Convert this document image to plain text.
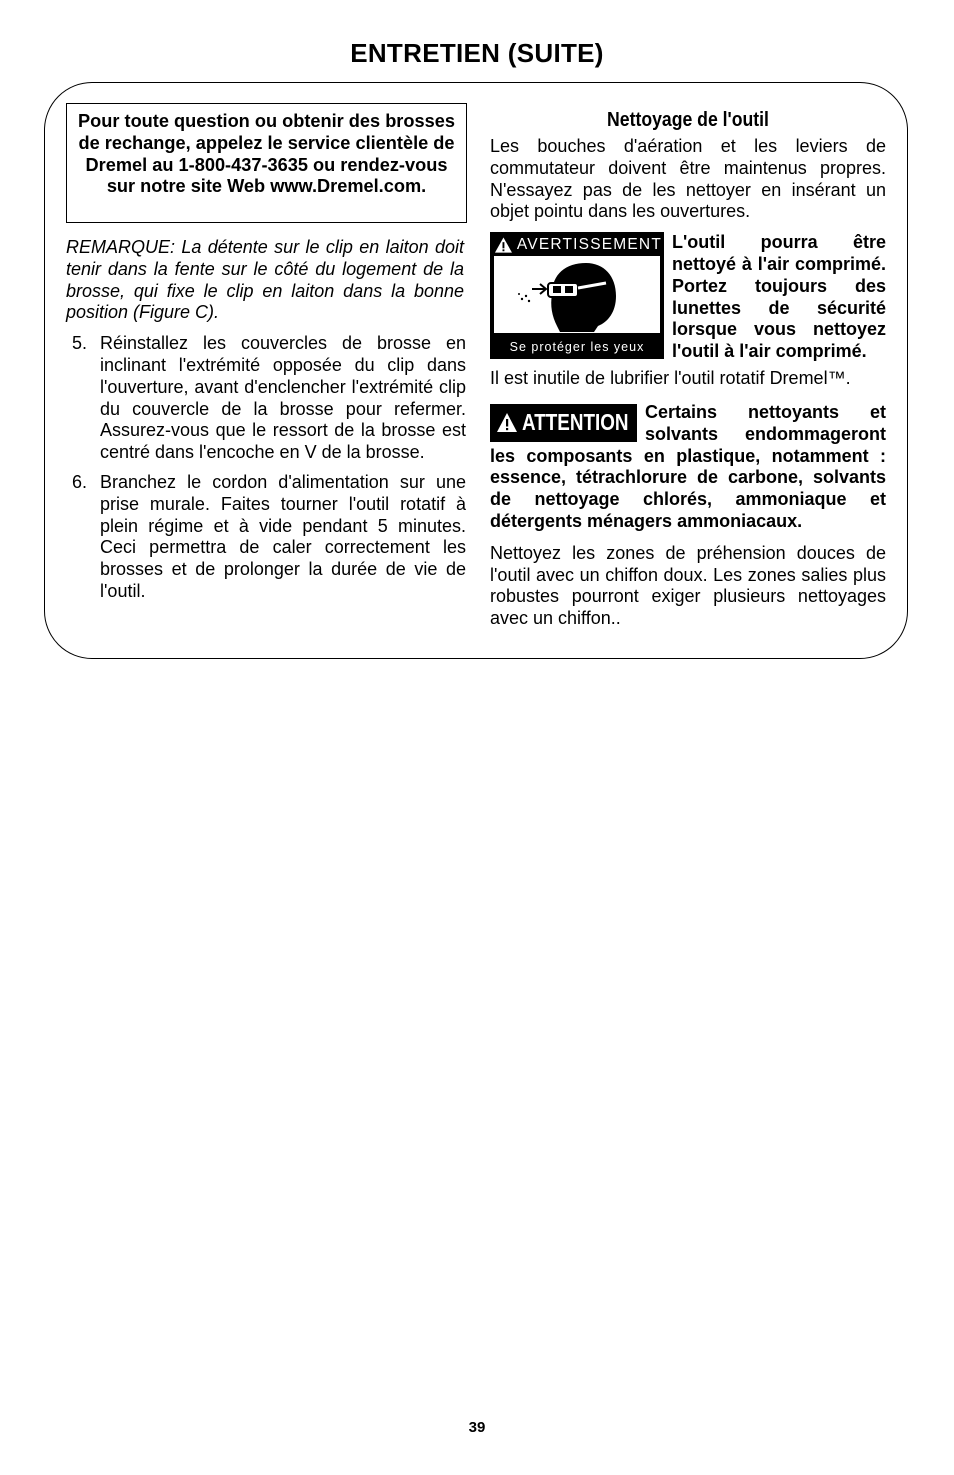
ENTRETIEN (SUITE)
Pour toute question ou obtenir des brosses de rechange, appelez le service clientèle de Dremel au 1-800-437-3635 ou rendez-vous sur notre site Web www.Dremel.com.
REMARQUE: La détente sur le clip en laiton doit tenir dans la fente sur le côté du logement de la brosse, qui fixe le clip en laiton dans la bonne position (Figure C).
5. Réinstallez les couvercles de brosse en inclinant l'extrémité opposée du clip dans l'ouverture, avant d'enclencher l'extrémité clip du couvercle de la brosse pour refermer. Assurez-vous que le ressort de la brosse est centré dans l'encoche en V de la brosse.
6. Branchez le cordon d'alimentation sur une prise murale. Faites tourner l'outil rotatif à plein régime et à vide pendant 5 minutes. Ceci permettra de caler correctement les brosses et de prolonger la durée de vie de l'outil.
Nettoyage de l'outil
Les bouches d'aération et les leviers de commutateur doivent être maintenus propres. N'essayez pas de les nettoyer en insérant un objet pointu dans les ouvertures.
AVERTISSEMENT
Se protéger les yeux
L'outil pourra être nettoyé à l'air comprimé. Portez toujours des lunettes de sécurité lorsque vous nettoyez l'outil à l'air comprimé.
Il est inutile de lubrifier l'outil rotatif Dremel™.
ATTENTION Certains nettoyants et solvants endommageront les composants en plastique, notamment : essence, tétrachlorure de carbone, solvants de nettoyage chlorés, ammoniaque et détergents ménagers ammoniacaux.
Nettoyez les zones de préhension douces de l'outil avec un chiffon doux. Les zones salies plus robustes pourront exiger plusieurs nettoyages avec un chiffon..
39
